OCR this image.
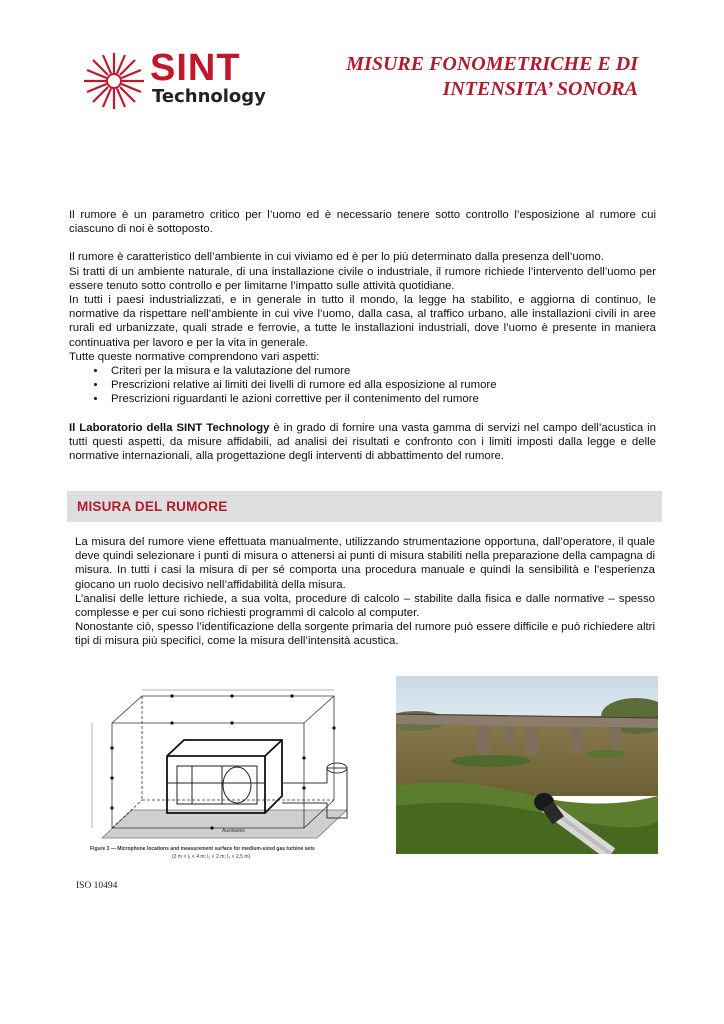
SINT
Technology
MISURE FONOMETRICHE E DI
INTENSITA’ SONORA

Il rumore è un parametro critico per l’uomo ed è necessario tenere sotto controllo l’esposizione al rumore cui ciascuno di noi è sottoposto.

Il rumore è caratteristico dell’ambiente in cui viviamo ed è per lo più determinato dalla presenza dell’uomo.

Si tratti di un ambiente naturale, di una installazione civile o industriale, il rumore richiede l’intervento dell’uomo per essere tenuto sotto controllo e per limitarne l’impatto sulle attività quotidiane.

In tutti i paesi industrializzati, e in generale in tutto il mondo, la legge ha stabilito, e aggiorna di continuo, le normative da rispettare nell’ambiente in cui vive l’uomo, dalla casa, al traffico urbano, alle installazioni civili in aree rurali ed urbanizzate, quali strade e ferrovie, a tutte le installazioni industriali, dove l’uomo è presente in maniera continuativa per lavoro e per la vita in generale.

Tutte queste normative comprendono vari aspetti:

• Criteri per la misura e la valutazione del rumore
• Prescrizioni relative ai limiti dei livelli di rumore ed alla esposizione al rumore
• Prescrizioni riguardanti le azioni correttive per il contenimento del rumore

Il Laboratorio della SINT Technology è in grado di fornire una vasta gamma di servizi nel campo dell’acustica in tutti questi aspetti, da misure affidabili, ad analisi dei risultati e confronto con i limiti imposti dalla legge e delle normative internazionali, alla progettazione degli interventi di abbattimento del rumore.

MISURA DEL RUMORE

La misura del rumore viene effettuata manualmente, utilizzando strumentazione opportuna, dall’operatore, il quale deve quindi selezionare i punti di misura o attenersi ai punti di misura stabiliti nella preparazione della campagna di misura. In tutti i casi la misura di per sé comporta una procedura manuale e quindi la sensibilità e l’esperienza giocano un ruolo decisivo nell’affidabilità della misura.

L’analisi delle letture richiede, a sua volta, procedure di calcolo – stabilite dalla fisica e dalle normative – spesso complesse e per cui sono richiesti programmi di calcolo al computer.

Nonostante ciò, spesso l’identificazione della sorgente primaria del rumore può essere difficile e può richiedere altri tipi di misura più specifici, come la misura dell’intensità acustica.

Auxiliaries
Figure 3 — Microphone locations and measurement surface for medium-sized gas turbine sets
(2 m < l₁ < 4 m; l₂ < 2 m; l₃ < 2,5 m)
ISO 10494
